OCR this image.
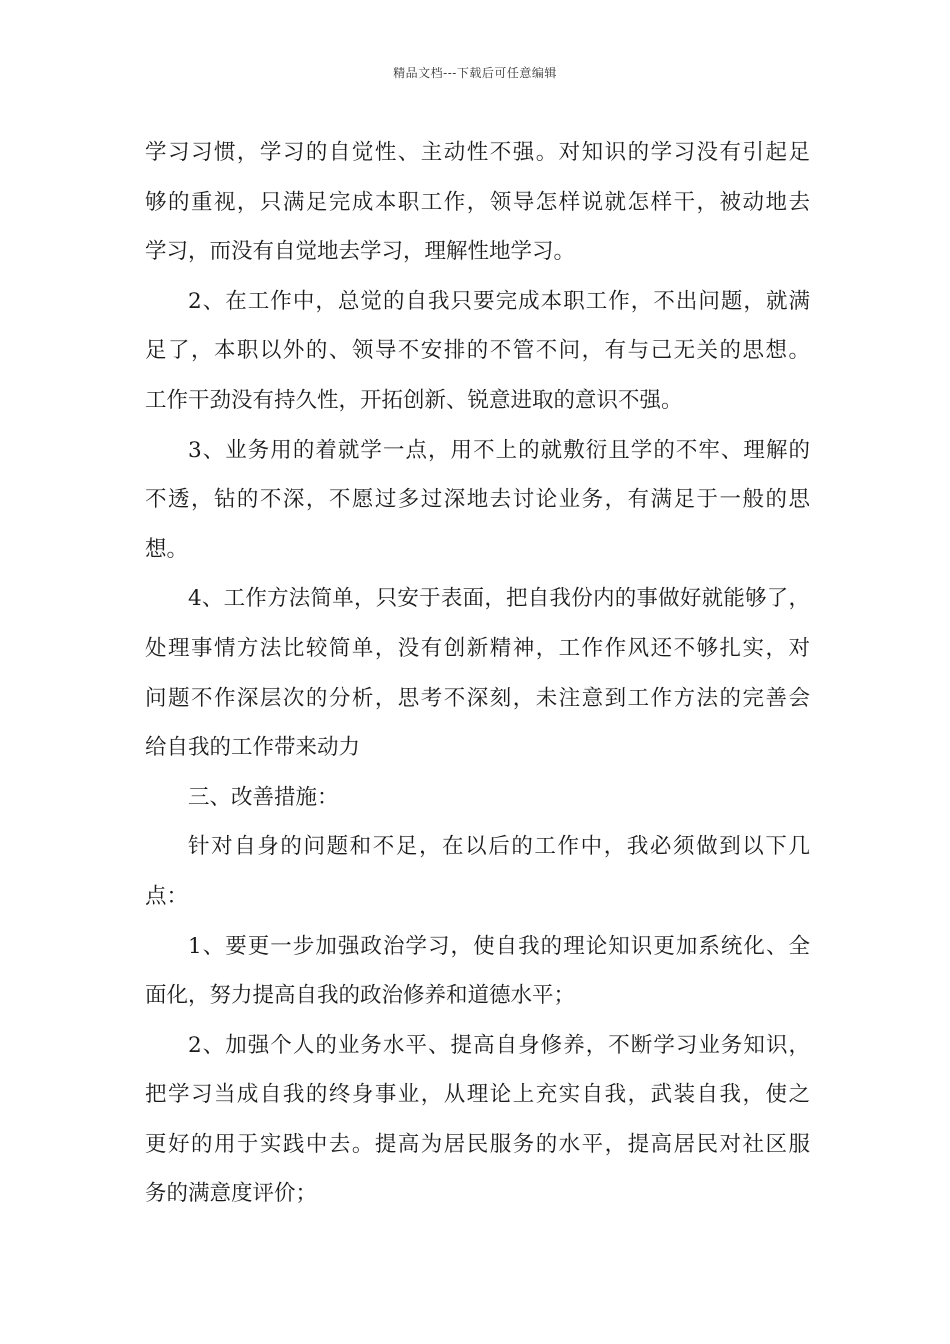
精品文档---下载后可任意编辑
学习习惯，学习的自觉性、主动性不强。对知识的学习没有引起足
够的重视，只满足完成本职工作，领导怎样说就怎样干，被动地去
学习，而没有自觉地去学习，理解性地学习。
2、在工作中，总觉的自我只要完成本职工作，不出问题，就满
足了，本职以外的、领导不安排的不管不问，有与己无关的思想。
工作干劲没有持久性，开拓创新、锐意进取的意识不强。
3、业务用的着就学一点，用不上的就敷衍且学的不牢、理解的
不透，钻的不深，不愿过多过深地去讨论业务，有满足于一般的思
想。
4、工作方法简单，只安于表面，把自我份内的事做好就能够了，
处理事情方法比较简单，没有创新精神，工作作风还不够扎实，对
问题不作深层次的分析，思考不深刻，未注意到工作方法的完善会
给自我的工作带来动力
三、改善措施：
针对自身的问题和不足，在以后的工作中，我必须做到以下几
点：
1、要更一步加强政治学习，使自我的理论知识更加系统化、全
面化，努力提高自我的政治修养和道德水平；
2、加强个人的业务水平、提高自身修养，不断学习业务知识，
把学习当成自我的终身事业，从理论上充实自我，武装自我，使之
更好的用于实践中去。提高为居民服务的水平，提高居民对社区服
务的满意度评价；
